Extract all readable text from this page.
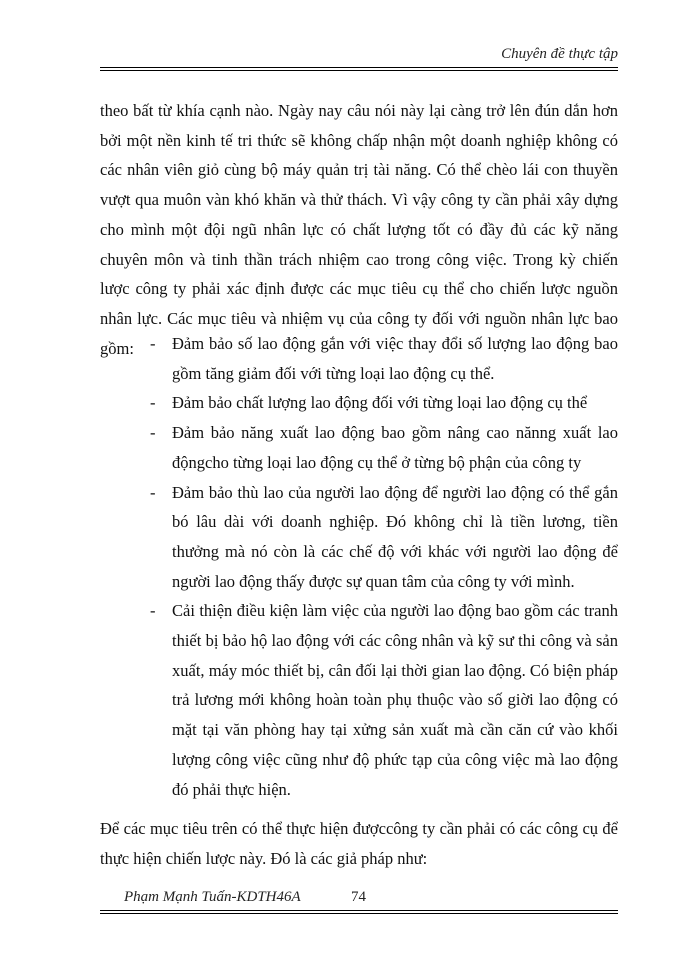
Chuyên đề thực tập

theo bất từ khía cạnh nào. Ngày nay câu nói này lại càng trở lên đún dắn hơn bởi một nền kinh tế tri thức sẽ không chấp nhận một doanh nghiệp không có các nhân viên giỏ cùng bộ máy quản trị tài năng. Có thể chèo lái con thuyền vượt qua muôn vàn khó khăn và thử thách. Vì vậy công ty cần phải xây dựng cho mình một đội ngũ nhân lực có chất lượng tốt có đầy đủ các kỹ năng chuyên môn và tinh thần trách nhiệm cao trong công việc. Trong kỳ chiến lược công ty phải xác định được các mục tiêu cụ thể cho chiến lược nguồn nhân lực. Các mục tiêu và nhiệm vụ của công ty đối với nguồn nhân lực bao gồm: - Đảm bảo số lao động gắn với việc thay đổi số lượng lao động bao gồm tăng giảm đối với từng loại lao động cụ thể.
- Đảm bảo chất lượng lao động đối với từng loại lao động cụ thể
- Đảm bảo năng xuất lao động bao gồm nâng cao nănng xuất lao độngcho từng loại lao động cụ thể ở từng bộ phận của công ty
- Đảm bảo thù lao của người lao động để người lao động có thể gắn bó lâu dài với doanh nghiệp. Đó không chỉ là tiền lương, tiền thưởng mà nó còn là các chế độ với khác với người lao động để người lao động thấy được sự quan tâm của công ty với mình.
- Cải thiện điều kiện làm việc của người lao động bao gồm các tranh thiết bị bảo hộ lao động với các công nhân và kỹ sư thi công và sản xuất, máy móc thiết bị, cân đối lại thời gian lao động. Có biện pháp trả lương mới không hoàn toàn phụ thuộc vào số giời lao động có mặt tại văn phòng hay tại xửng sản xuất mà cần căn cứ vào khối lượng công việc cũng như độ phức tạp của công việc mà lao động đó phải thực hiện.

Để các mục tiêu trên có thể thực hiện đượccông ty cần phải có các công cụ để thực hiện chiến lược này. Đó là các giả pháp như:

Phạm Mạnh Tuấn-KDTH46A	74
